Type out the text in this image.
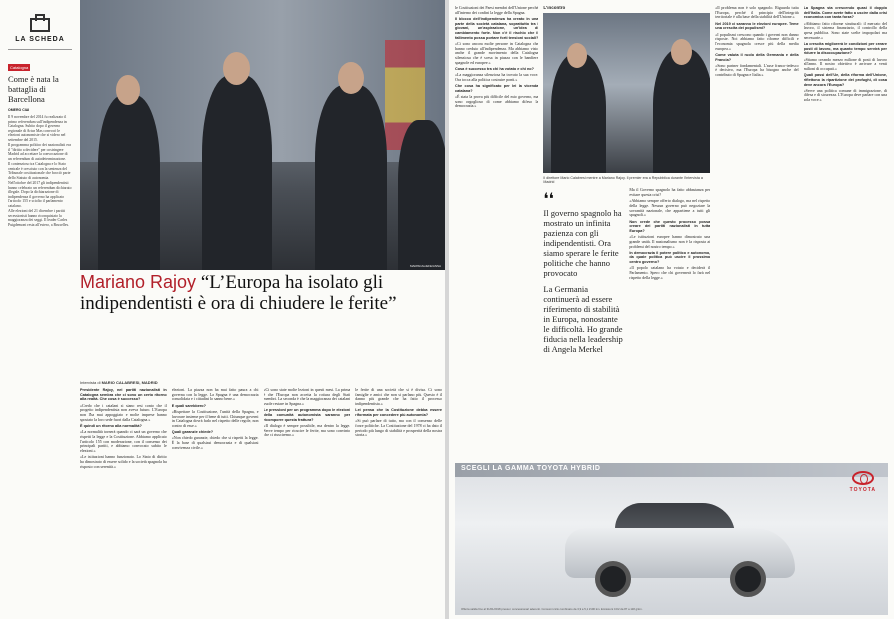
LA SCHEDA
Catalogna
Come è nata la battaglia di Barcellona
OMERO CIAI

Il 9 novembre del 2014 fu realizzato il primo referendum sull'indipendenza in Catalogna. Subito dopo il governo regionale di Artur Mas convocò le elezioni autonomiste che si videro nel settembre del 2015.

Il programma politico dei nazionalisti era il "diritto a decidere" per costringere Madrid ad accettare la convocazione di un referendum di autodeterminazione.

Il contenzioso tra Catalogna e lo Stato centrale è cresciuto con la sentenza del Tribunale costituzionale che bocciò parte dello Statuto di autonomia.

Nell'ottobre del 2017 gli indipendentisti hanno celebrato un referendum dichiarato illegale. Dopo la dichiarazione di indipendenza il governo ha applicato l'articolo 155 e sciolto il parlamento catalano.

Alle elezioni del 21 dicembre i partiti secessionisti hanno riconquistato la maggioranza dei seggi. Il leader Carles Puigdemont resta all'estero, a Bruxelles.

MARISCAL/EFE/ANSA
Mariano Rajoy “L’Europa ha isolato gli indipendentisti è ora di chiudere le ferite”
Intervista di MARIO CALABRESI, MADRID

Presidente Rajoy, nei partiti nazionalisti in Catalogna sembra che ci sono un certo ritorno alla realtà. Che cosa è successo?

«Credo che i catalani si siano resi conto che il progetto indipendentista non aveva futuro. L'Europa non l'ha mai appoggiato e molte imprese hanno spostato la loro sede fuori dalla Catalogna.»

È quindi un ritorno alla normalità?

«La normalità tornerà quando ci sarà un governo che rispetti la legge e la Costituzione. Abbiamo applicato l'articolo 155 con moderazione, con il consenso dei principali partiti, e abbiamo convocato subito le elezioni.»

«Le istituzioni hanno funzionato. Lo Stato di diritto ha dimostrato di essere solido e la società spagnola ha risposto con serenità.»

elezioni. La piazza non ha mai fatto paura a chi governa con la legge. La Spagna è una democrazia consolidata e i cittadini lo sanno bene.»

E quali sarebbero?

«Rispettare la Costituzione, l'unità della Spagna, e lavorare insieme per il bene di tutti. Chiunque governi in Catalogna dovrà farlo nel rispetto delle regole, non contro di esse.»

Quali garanzie chiede?

«Non chiedo garanzie, chiedo che si rispetti la legge. È la base di qualsiasi democrazia e di qualsiasi convivenza civile.»

«Ci sono state molte lezioni in questi mesi. La prima è che l'Europa non accetta la rottura degli Stati membri. La seconda è che la maggioranza dei catalani vuole restare in Spagna.»

Le pressioni per un programma dopo le elezioni della comunità autonomista saranno per ricomporre questa frattura?

«Il dialogo è sempre possibile, ma dentro la legge. Serve tempo per ricucire le ferite, ma sono convinto che ci riusciremo.»

le ferite di una società che si è divisa. Ci sono famiglie e amici che non si parlano più. Questo è il danno più grande che ha fatto il processo indipendentista.»

Lei pensa che la Costituzione debba essere riformata per concedere più autonomia?

«Si può parlare di tutto, ma con il consenso delle forze politiche. La Costituzione del 1978 ci ha dato il periodo più lungo di stabilità e prosperità della nostra storia.»

le Costituzioni dei Paesi membri dell'Unione perché all'interno dei confini la legge della Spagna.

Il blocco dell'indipendenza ha creato in una parte della società catalana, soprattutto tra i giovani, un'aspirazione, un'idea di cambiamento forte. Non c'è il rischio che il fallimento possa portare forti tensioni sociali?

«Ci sono ancora molte persone in Catalogna che hanno creduto all'indipendenza. Ma abbiamo visto anche il grande movimento della Catalogna silenziosa che è scesa in piazza con le bandiere spagnole ed europee.»

Cosa è successo tra chi ha votato e chi no?

«La maggioranza silenziosa ha trovato la sua voce. Ora tocca alla politica costruire ponti.»

Che cosa ha significato per lei la vicenda catalana?

«È stata la prova più difficile del mio governo, ma sono orgoglioso di come abbiamo difeso la democrazia.»

L'incontro
Il direttore Mario Calabresi mentre a Mariano Rajoy. Il premier era a Repubblica durante l'intervista a Madrid
❛❛
Il governo spagnolo ha mostrato un infinita pazienza con gli indipendentisti. Ora siamo sperare le ferite politiche che hanno provocato
La Germania continuerà ad essere riferimento di stabilità in Europa, nonostante le difficoltà. Ho grande fiducia nella leadership di Angela Merkel

Ma il Governo spagnolo ha fatto abbastanza per evitare questa crisi?

«Abbiamo sempre offerto dialogo, ma nel rispetto della legge. Nessun governo può negoziare la sovranità nazionale, che appartiene a tutti gli spagnoli.»

Non crede che questo processo possa creare dei partiti nazionalisti in tutta Europa?

«Le istituzioni europee hanno dimostrato una grande unità. Il nazionalismo non è la risposta ai problemi del nostro tempo.»

In democrazia il potere politico e autonomo, da quale politica può uscire il prossimo centro governo?

«Il popolo catalano ha votato e deciderà il Parlamento. Spero che chi governerà lo farà nel rispetto della legge.»

«Il problema non è solo spagnolo. Riguarda tutta l'Europa, perché il principio dell'integrità territoriale è alla base della stabilità dell'Unione.»

Nel 2019 ci saranno le elezioni europee. Teme una crescita dei populismi?

«I populismi crescono quando i governi non danno risposte. Noi abbiamo fatto riforme difficili e l'economia spagnola cresce più della media europea.»

Come valuta il ruolo della Germania e della Francia?

«Sono partner fondamentali. L'asse franco-tedesco è decisivo, ma l'Europa ha bisogno anche del contributo di Spagna e Italia.»

La Spagna sta crescendo quasi il doppio dell'Italia. Come avete fatto a uscire dalla crisi economica con tanta forza?

«Abbiamo fatto riforme strutturali: il mercato del lavoro, il sistema finanziario, il controllo della spesa pubblica. Sono state scelte impopolari ma necessarie.»

La crescita migliorerà le condizioni per creare posti di lavoro, ma quanto tempo servirà per ridurre la disoccupazione?

«Stiamo creando mezzo milione di posti di lavoro all'anno. Il nostro obiettivo è arrivare a venti milioni di occupati.»

Quali passi dell'Ue, della riforma dell'Unione, riflettono la ripartizione dei profughi, di cosa deve ancora l'Europa?

«Serve una politica comune di immigrazione, di difesa e di sicurezza. L'Europa deve parlare con una sola voce.»

SCEGLI LA GAMMA TOYOTA HYBRID
TOYOTA
Offerta valida fino al 31/01/2018 presso i concessionari aderenti. Consumi ciclo combinato da 3,9 a 5,1 l/100 km. Emissioni CO2 da 87 a 118 g/km.
